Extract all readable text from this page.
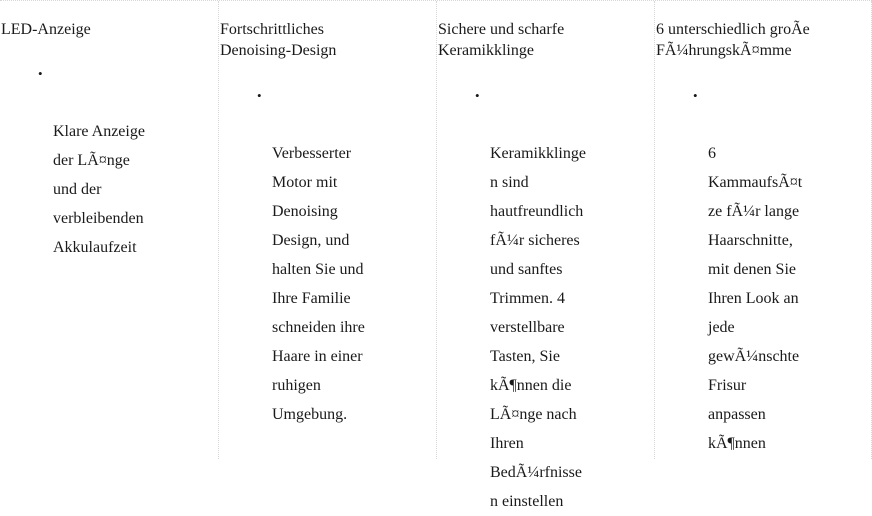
LED-Anzeige

•

Klare Anzeige
der LÃ¤nge
und der
verbleibenden
Akkulaufzeit

Fortschrittliches
Denoising-Design

•

Verbesserter
Motor mit
Denoising
Design, und
halten Sie und
Ihre Familie
schneiden ihre
Haare in einer
ruhigen
Umgebung.

Sichere und scharfe
Keramikklinge

•

Keramikklinge
n sind
hautfreundlich
fÃ¼r sicheres
und sanftes
Trimmen. 4
verstellbare
Tasten, Sie
kÃ¶nnen die
LÃ¤nge nach
Ihren
BedÃ¼rfnisse
n einstellen

6 unterschiedlich groÃe
FÃ¼hrungskÃ¤mme

•

6
KammaufsÃ¤t
ze fÃ¼r lange
Haarschnitte,
mit denen Sie
Ihren Look an
jede
gewÃ¼nschte
Frisur
anpassen
kÃ¶nnen
